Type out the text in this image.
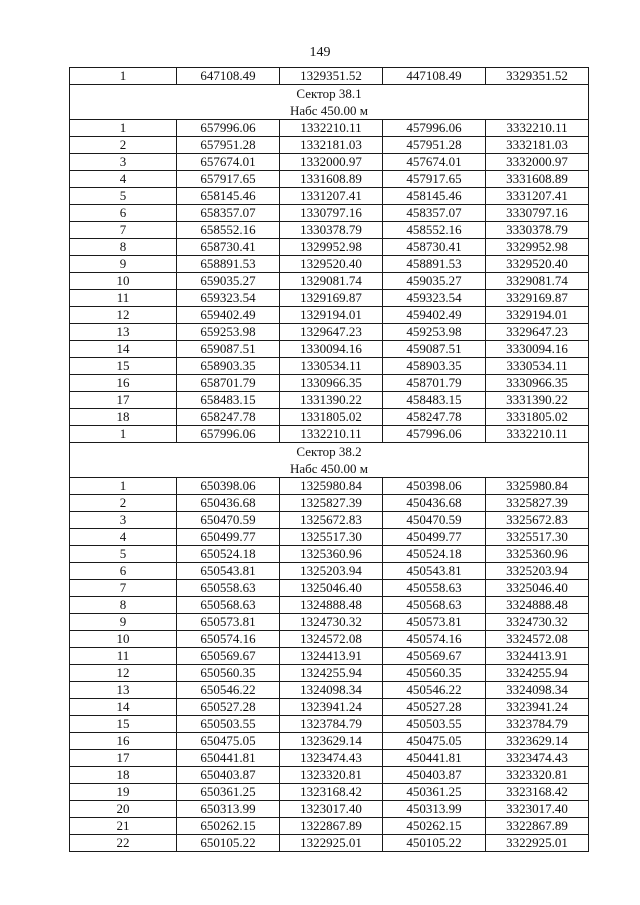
149
1	647108.49	1329351.52	447108.49	3329351.52

Сектор 38.1
Набс 450.00 м				

1	657996.06	1332210.11	457996.06	3332210.11
2	657951.28	1332181.03	457951.28	3332181.03
3	657674.01	1332000.97	457674.01	3332000.97
4	657917.65	1331608.89	457917.65	3331608.89
5	658145.46	1331207.41	458145.46	3331207.41
6	658357.07	1330797.16	458357.07	3330797.16
7	658552.16	1330378.79	458552.16	3330378.79
8	658730.41	1329952.98	458730.41	3329952.98
9	658891.53	1329520.40	458891.53	3329520.40
10	659035.27	1329081.74	459035.27	3329081.74
11	659323.54	1329169.87	459323.54	3329169.87
12	659402.49	1329194.01	459402.49	3329194.01
13	659253.98	1329647.23	459253.98	3329647.23
14	659087.51	1330094.16	459087.51	3330094.16
15	658903.35	1330534.11	458903.35	3330534.11
16	658701.79	1330966.35	458701.79	3330966.35
17	658483.15	1331390.22	458483.15	3331390.22
18	658247.78	1331805.02	458247.78	3331805.02
1	657996.06	1332210.11	457996.06	3332210.11

Сектор 38.2
Набс 450.00 м				

1	650398.06	1325980.84	450398.06	3325980.84
2	650436.68	1325827.39	450436.68	3325827.39
3	650470.59	1325672.83	450470.59	3325672.83
4	650499.77	1325517.30	450499.77	3325517.30
5	650524.18	1325360.96	450524.18	3325360.96
6	650543.81	1325203.94	450543.81	3325203.94
7	650558.63	1325046.40	450558.63	3325046.40
8	650568.63	1324888.48	450568.63	3324888.48
9	650573.81	1324730.32	450573.81	3324730.32
10	650574.16	1324572.08	450574.16	3324572.08
11	650569.67	1324413.91	450569.67	3324413.91
12	650560.35	1324255.94	450560.35	3324255.94
13	650546.22	1324098.34	450546.22	3324098.34
14	650527.28	1323941.24	450527.28	3323941.24
15	650503.55	1323784.79	450503.55	3323784.79
16	650475.05	1323629.14	450475.05	3323629.14
17	650441.81	1323474.43	450441.81	3323474.43
18	650403.87	1323320.81	450403.87	3323320.81
19	650361.25	1323168.42	450361.25	3323168.42
20	650313.99	1323017.40	450313.99	3323017.40
21	650262.15	1322867.89	450262.15	3322867.89
22	650105.22	1322925.01	450105.22	3322925.01
